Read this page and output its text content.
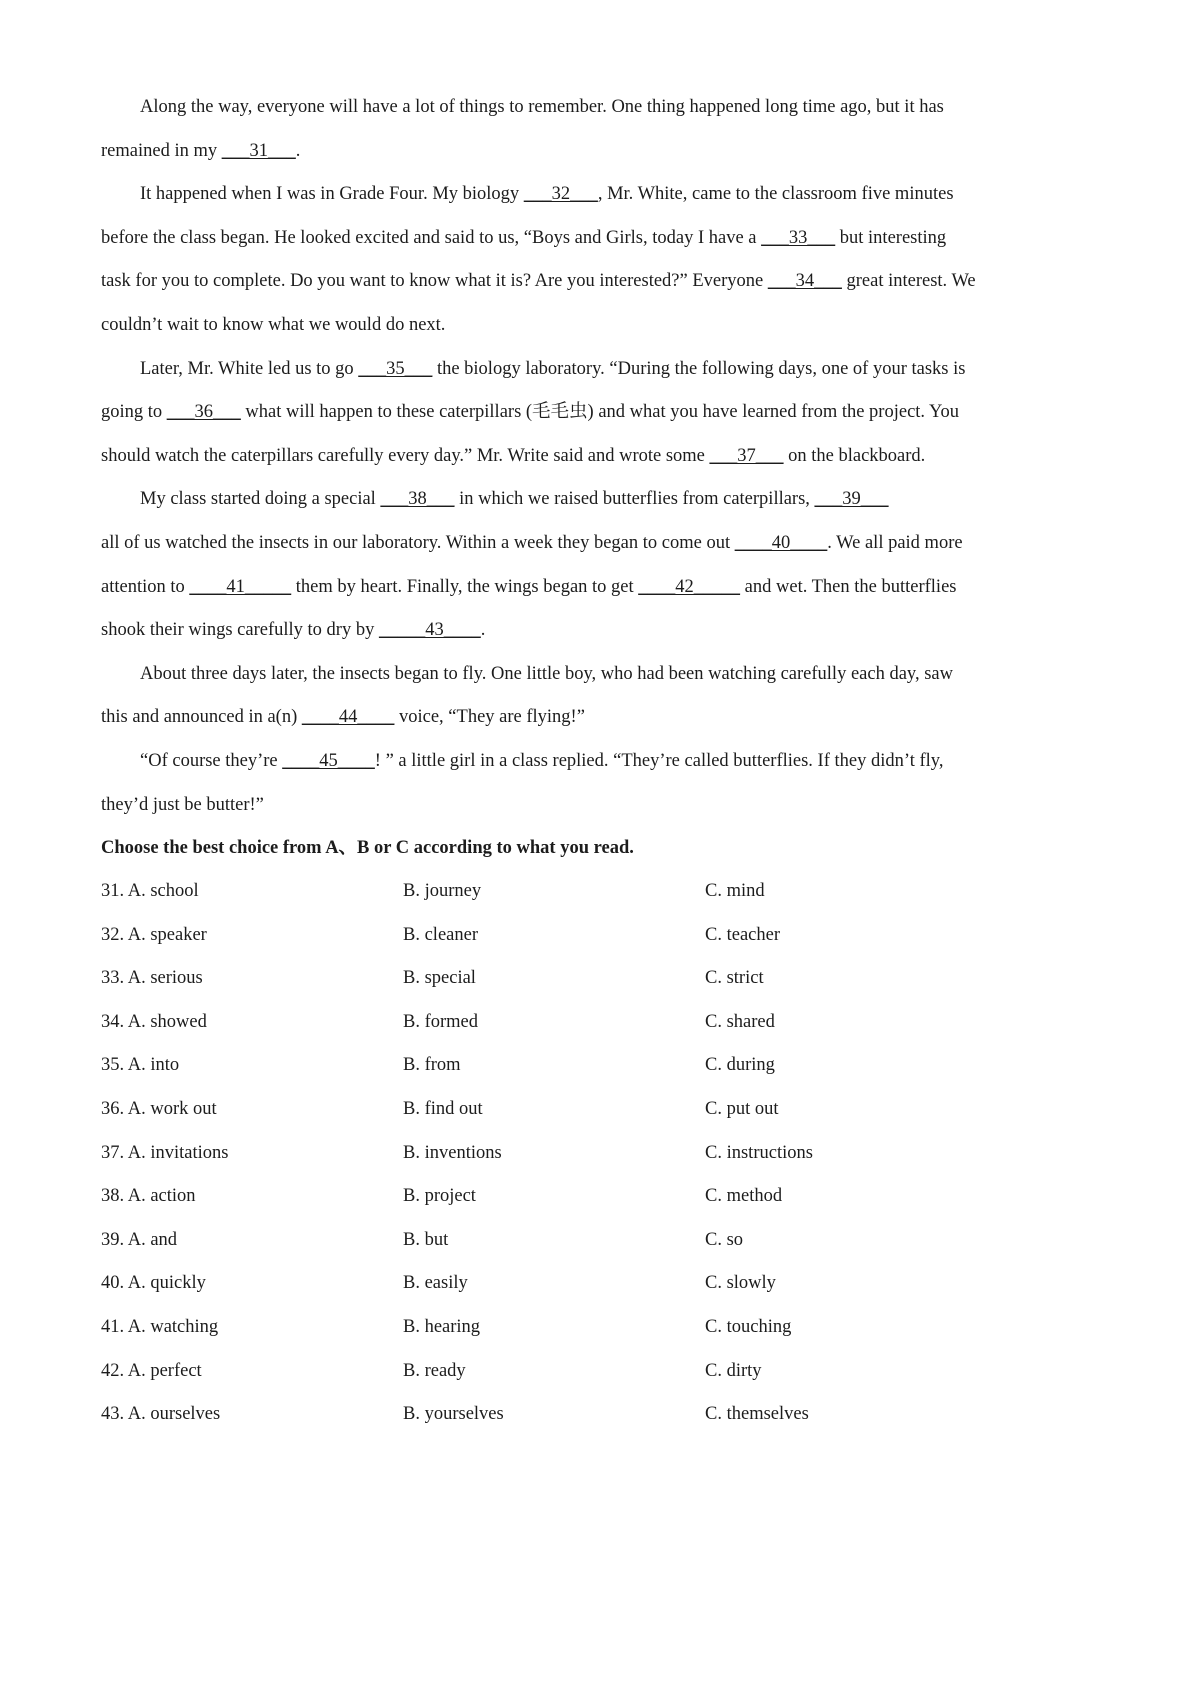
Along the way, everyone will have a lot of things to remember. One thing happened long time ago, but it has
remained in my ___31___.
It happened when I was in Grade Four. My biology ___32___, Mr. White, came to the classroom five minutes
before the class began. He looked excited and said to us, “Boys and Girls, today I have a ___33___ but interesting
task for you to complete. Do you want to know what it is? Are you interested?” Everyone ___34___ great interest. We
couldn’t wait to know what we would do next.
Later, Mr. White led us to go ___35___ the biology laboratory. “During the following days, one of your tasks is
going to ___36___ what will happen to these caterpillars (毛毛虫) and what you have learned from the project. You
should watch the caterpillars carefully every day.” Mr. Write said and wrote some ___37___ on the blackboard.
My class started doing a special ___38___ in which we raised butterflies from caterpillars, ___39___
all of us watched the insects in our laboratory. Within a week they began to come out ____40____. We all paid more
attention to ____41_____ them by heart. Finally, the wings began to get ____42_____ and wet. Then the butterflies
shook their wings carefully to dry by _____43____.
About three days later, the insects began to fly. One little boy, who had been watching carefully each day, saw
this and announced in a(n) ____44____ voice, “They are flying!”
“Of course they’re ____45____! ” a little girl in a class replied. “They’re called butterflies. If they didn’t fly,
they’d just be butter!”
Choose the best choice from A、B or C according to what you read.
31. A. school	B. journey	C. mind
32. A. speaker	B. cleaner	C. teacher
33. A. serious	B. special	C. strict
34. A. showed	B. formed	C. shared
35. A. into	B. from	C. during
36. A. work out	B. find out	C. put out
37. A. invitations	B. inventions	C. instructions
38. A. action	B. project	C. method
39. A. and	B. but	C. so
40. A. quickly	B. easily	C. slowly
41. A. watching	B. hearing	C. touching
42. A. perfect	B. ready	C. dirty
43. A. ourselves	B. yourselves	C. themselves
